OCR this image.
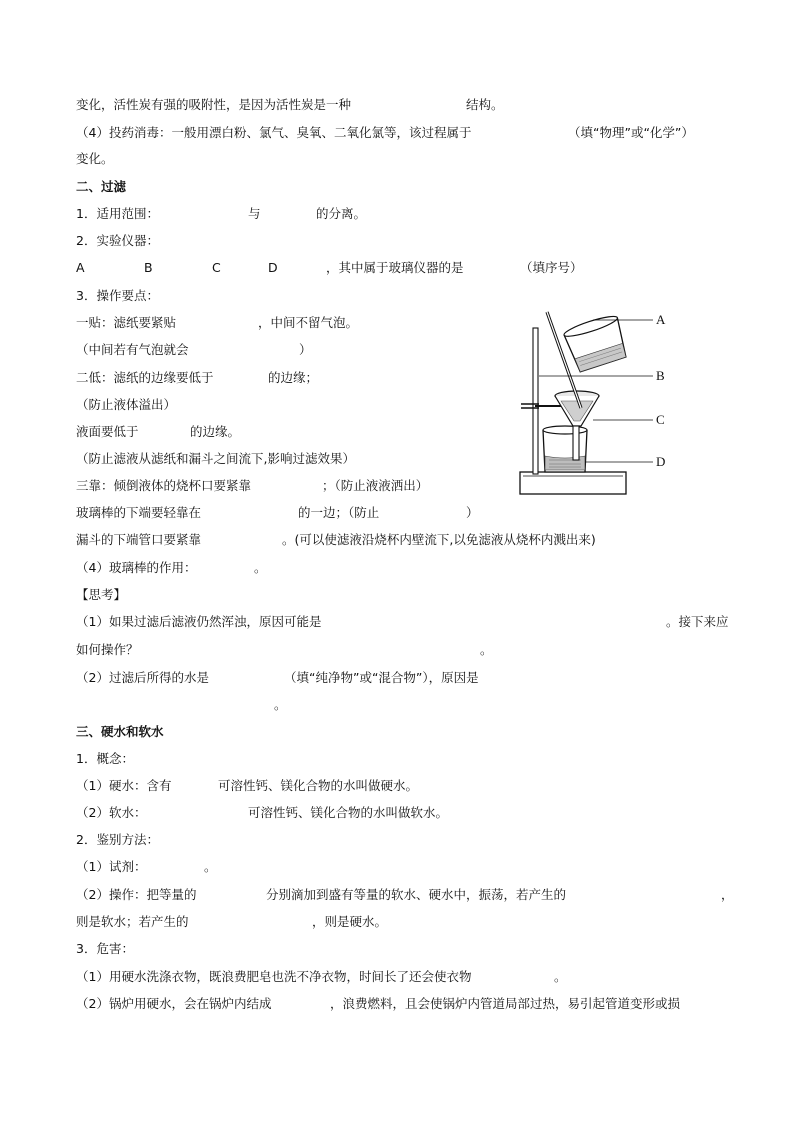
变化，活性炭有强的吸附性，是因为活性炭是一种	结构。
（4）投药消毒：一般用漂白粉、氯气、臭氧、二氧化氯等，该过程属于	（填“物理”或“化学”）
变化。
二、过滤
1．适用范围：	与	的分离。
2．实验仪器：
A	B	C	D	，其中属于玻璃仪器的是	（填序号）
3．操作要点：
一贴：滤纸要紧贴	，中间不留气泡。
（中间若有气泡就会	）
二低：滤纸的边缘要低于	的边缘；
（防止液体溢出）
液面要低于	的边缘。
（防止滤液从滤纸和漏斗之间流下,影响过滤效果）
三靠：倾倒液体的烧杯口要紧靠	；（防止液液洒出）
玻璃棒的下端要轻靠在	的一边；（防止	）
漏斗的下端管口要紧靠	。(可以使滤液沿烧杯内壁流下,以免滤液从烧杯内溅出来)
（4）玻璃棒的作用：	。
【思考】
（1）如果过滤后滤液仍然浑浊，原因可能是	。接下来应
如何操作？	。
（2）过滤后所得的水是	（填“纯净物”或“混合物”），原因是
。
三、硬水和软水
1．概念：
（1）硬水：含有	可溶性钙、镁化合物的水叫做硬水。
（2）软水：	可溶性钙、镁化合物的水叫做软水。
2．鉴别方法：
（1）试剂：	。
（2）操作：把等量的	分别滴加到盛有等量的软水、硬水中，振荡，若产生的	，
则是软水；若产生的	，则是硬水。
3．危害：
（1）用硬水洗涤衣物，既浪费肥皂也洗不净衣物，时间长了还会使衣物	。
（2）锅炉用硬水，会在锅炉内结成	，浪费燃料，且会使锅炉内管道局部过热，易引起管道变形或损
A
B
C
D
